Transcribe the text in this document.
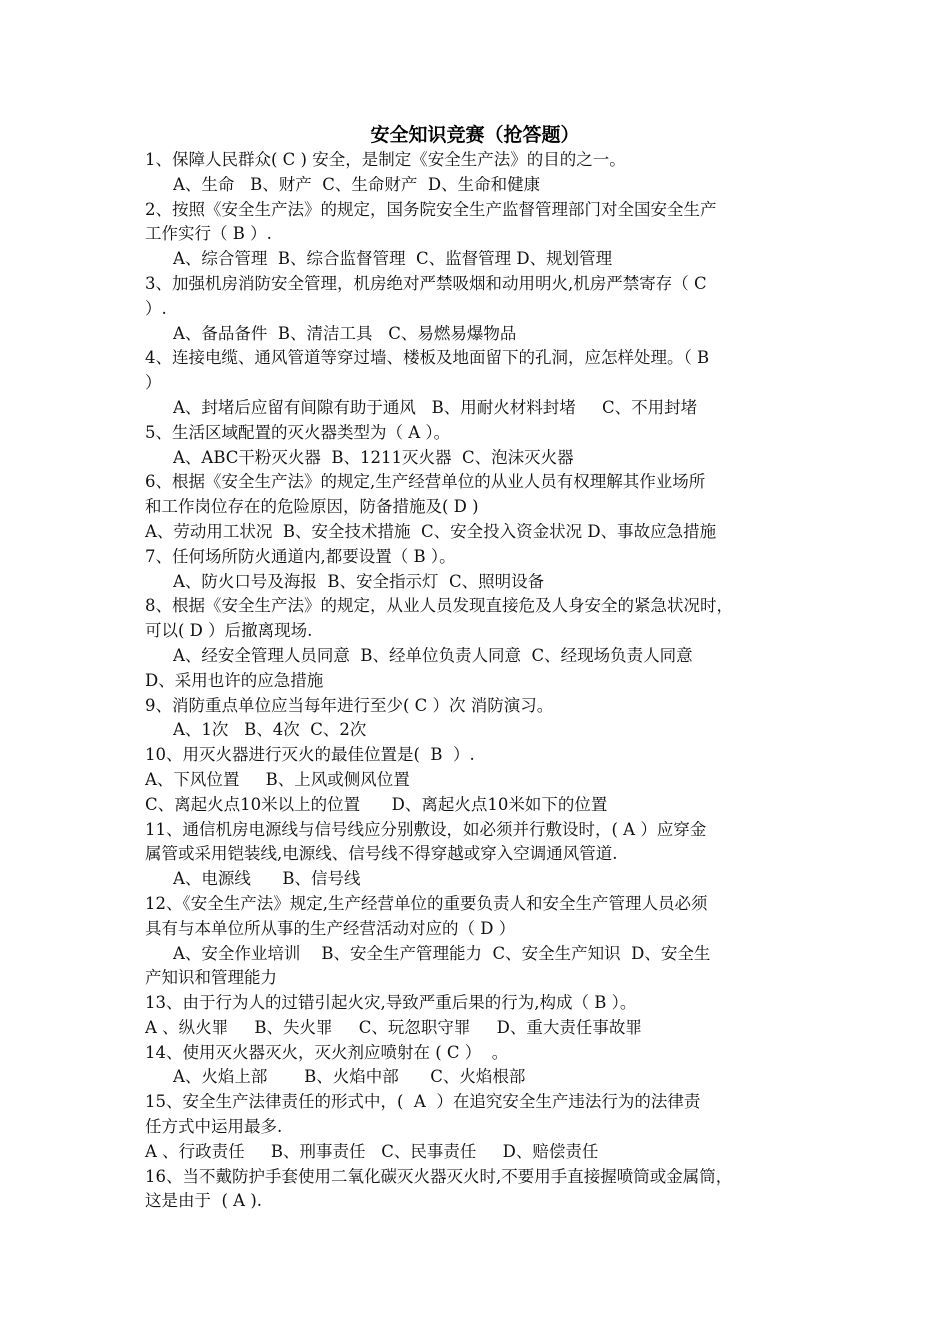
安全知识竞赛（抢答题）
1、保障人民群众( C ) 安全，是制定《安全生产法》的目的之一。
A、生命   B、财产  C、生命财产  D、生命和健康
2、按照《安全生产法》的规定，国务院安全生产监督管理部门对全国安全生产
工作实行（ B ）.
A、综合管理  B、综合监督管理  C、监督管理 D、规划管理
3、加强机房消防安全管理，机房绝对严禁吸烟和动用明火,机房严禁寄存（ C
）.
A、备品备件  B、清洁工具   C、易燃易爆物品
4、连接电缆、通风管道等穿过墙、楼板及地面留下的孔洞，应怎样处理。（ B
）
A、封堵后应留有间隙有助于通风   B、用耐火材料封堵     C、不用封堵
5、生活区域配置的灭火器类型为（ A ）。
A、ABC干粉灭火器  B、1211灭火器  C、泡沫灭火器
6、根据《安全生产法》的规定,生产经营单位的从业人员有权理解其作业场所
和工作岗位存在的危险原因，防备措施及( D )
A、劳动用工状况  B、安全技术措施  C、安全投入资金状况 D、事故应急措施
7、任何场所防火通道内,都要设置（ B ）。
A、防火口号及海报  B、安全指示灯  C、照明设备
8、根据《安全生产法》的规定，从业人员发现直接危及人身安全的紧急状况时，
可以( D ）后撤离现场.
A、经安全管理人员同意  B、经单位负责人同意  C、经现场负责人同意
D、采用也许的应急措施
9、消防重点单位应当每年进行至少( C ）次 消防演习。
A、1次   B、4次  C、2次
10、用灭火器进行灭火的最佳位置是(  B  ）.
A、下风位置     B、上风或侧风位置
C、离起火点10米以上的位置      D、离起火点10米如下的位置
11、通信机房电源线与信号线应分别敷设，如必须并行敷设时，( A ）应穿金
属管或采用铠装线,电源线、信号线不得穿越或穿入空调通风管道.
A、电源线      B、信号线
12、《安全生产法》规定,生产经营单位的重要负责人和安全生产管理人员必须
具有与本单位所从事的生产经营活动对应的（ D ）
A、安全作业培训    B、安全生产管理能力  C、安全生产知识  D、安全生
产知识和管理能力
13、由于行为人的过错引起火灾,导致严重后果的行为,构成（ B ）。
A 、纵火罪     B、失火罪     C、玩忽职守罪     D、重大责任事故罪
14、使用灭火器灭火，灭火剂应喷射在 ( C ）  。
A、火焰上部       B、火焰中部      C、火焰根部
15、安全生产法律责任的形式中，(  A  ）在追究安全生产违法行为的法律责
任方式中运用最多.
A 、行政责任     B、刑事责任   C、民事责任     D、赔偿责任
16、当不戴防护手套使用二氧化碳灭火器灭火时,不要用手直接握喷筒或金属筒，
这是由于  ( A ).
